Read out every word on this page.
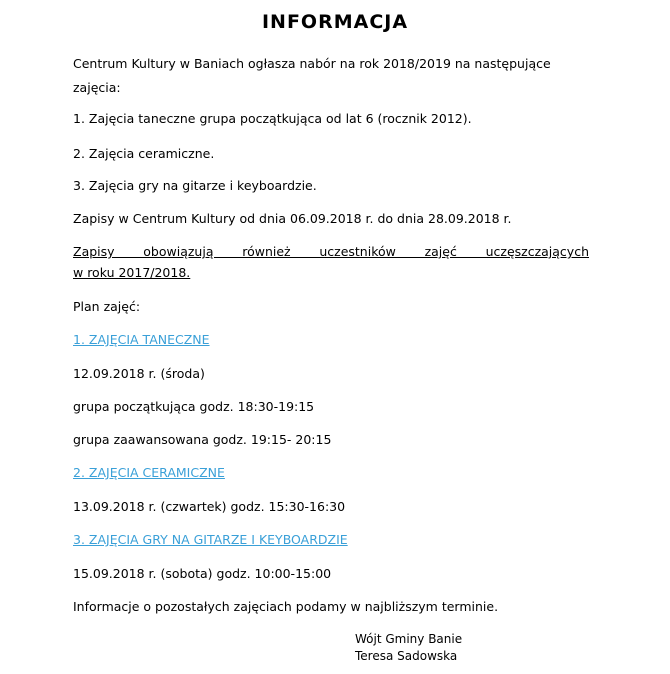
INFORMACJA
Centrum Kultury w Baniach ogłasza nabór na rok 2018/2019 na następujące
zajęcia:
1. Zajęcia taneczne grupa początkująca od lat 6 (rocznik 2012).
2. Zajęcia ceramiczne.
3. Zajęcia gry na gitarze i keyboardzie.
Zapisy w Centrum Kultury od dnia 06.09.2018 r. do dnia 28.09.2018 r.
Zapisy obowiązują również uczestników zajęć uczęszczających
w roku 2017/2018.
Plan zajęć:
1. ZAJĘCIA TANECZNE
12.09.2018 r. (środa)
grupa początkująca godz. 18:30-19:15
grupa zaawansowana godz. 19:15- 20:15
2. ZAJĘCIA CERAMICZNE
13.09.2018 r. (czwartek) godz. 15:30-16:30
3. ZAJĘCIA GRY NA GITARZE I KEYBOARDZIE
15.09.2018 r. (sobota) godz. 10:00-15:00
Informacje o pozostałych zajęciach podamy w najbliższym terminie.
Wójt Gminy Banie
Teresa Sadowska
